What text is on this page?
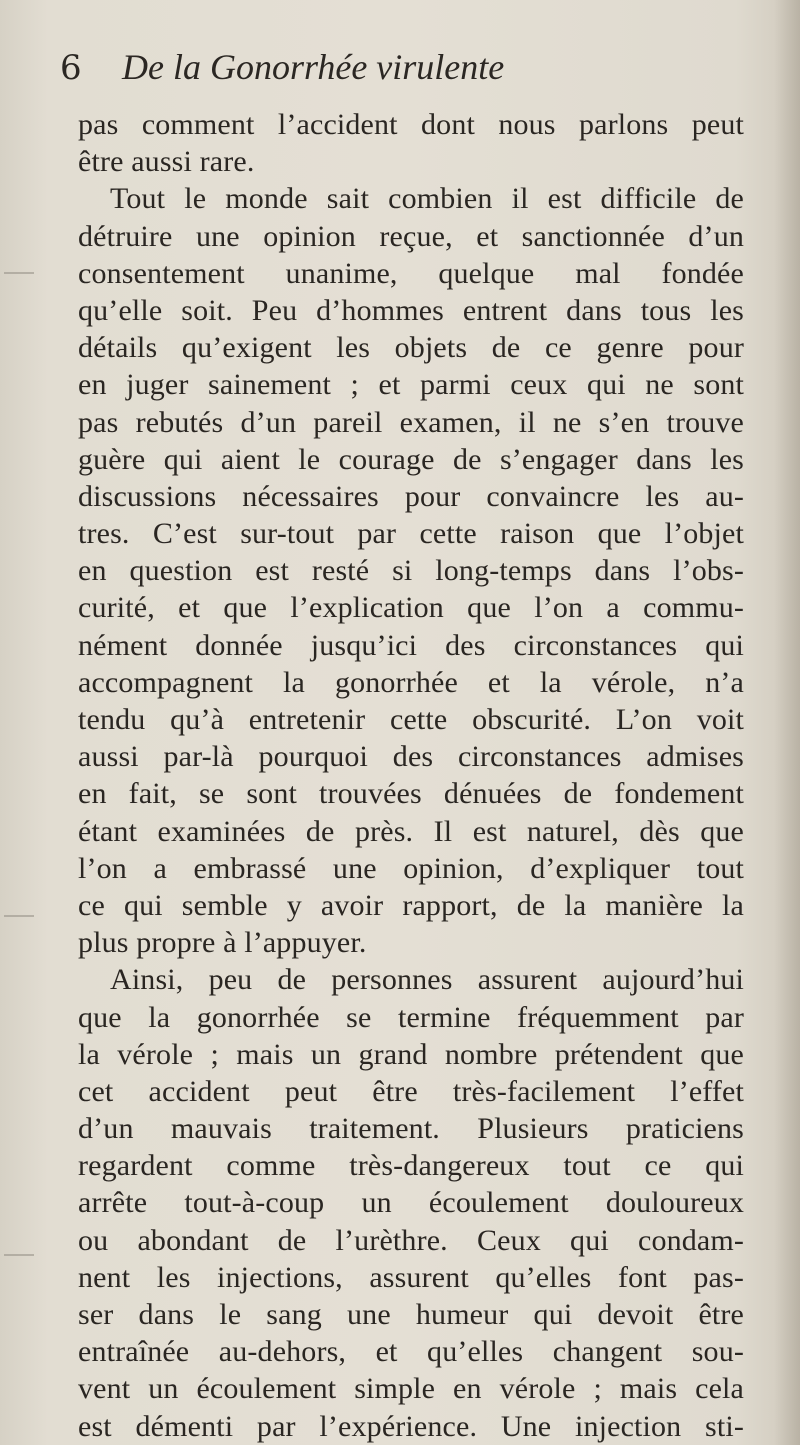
6 De la Gonorrhée virulente
pas comment l’accident dont nous parlons peut
être aussi rare.
Tout le monde sait combien il est difficile de
détruire une opinion reçue, et sanctionnée d’un
consentement unanime, quelque mal fondée
qu’elle soit. Peu d’hommes entrent dans tous les
détails qu’exigent les objets de ce genre pour
en juger sainement ; et parmi ceux qui ne sont
pas rebutés d’un pareil examen, il ne s’en trouve
guère qui aient le courage de s’engager dans les
discussions nécessaires pour convaincre les au-
tres. C’est sur-tout par cette raison que l’objet
en question est resté si long-temps dans l’obs-
curité, et que l’explication que l’on a commu-
nément donnée jusqu’ici des circonstances qui
accompagnent la gonorrhée et la vérole, n’a
tendu qu’à entretenir cette obscurité. L’on voit
aussi par-là pourquoi des circonstances admises
en fait, se sont trouvées dénuées de fondement
étant examinées de près. Il est naturel, dès que
l’on a embrassé une opinion, d’expliquer tout
ce qui semble y avoir rapport, de la manière la
plus propre à l’appuyer.
Ainsi, peu de personnes assurent aujourd’hui
que la gonorrhée se termine fréquemment par
la vérole ; mais un grand nombre prétendent que
cet accident peut être très-facilement l’effet
d’un mauvais traitement. Plusieurs praticiens
regardent comme très-dangereux tout ce qui
arrête tout-à-coup un écoulement douloureux
ou abondant de l’urèthre. Ceux qui condam-
nent les injections, assurent qu’elles font pas-
ser dans le sang une humeur qui devoit être
entraînée au-dehors, et qu’elles changent sou-
vent un écoulement simple en vérole ; mais cela
est démenti par l’expérience. Une injection sti-
